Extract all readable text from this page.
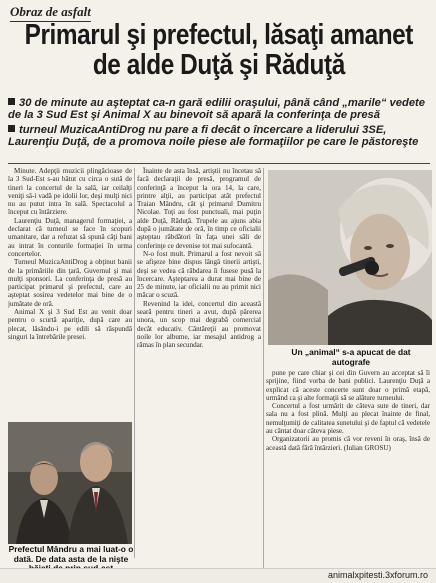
Obraz de asfalt
Primarul şi prefectul, lăsaţi amanet de alde Duţă şi Răduţă
30 de minute au aşteptat ca-n gară edilii oraşului, până când „marile“ vedete de la 3 Sud Est şi Animal X au binevoit să apară la conferinţa de presă
turneul MuzicaAntiDrog nu pare a fi decât o încercare a liderului 3SE, Laurenţiu Duţă, de a promova noile piese ale formaţiilor pe care le păstoreşte

Minute. Adepţii muzicii plingăcioase de la 3 Sud-Est s-au bătut cu circa o sută de tineri la concertul de la sală, iar ceilalţi veniţi să-i vadă pe idolii lor, deşi mulţi nici nu au putut intra în sală. Spectacolul a început cu întârziere.

Laurenţiu Duţă, managerul formaţiei, a declarat că turneul se face în scopuri umanitare, dar a refuzat să spună câţi bani au intrat în conturile formaţiei în urma concertelor.

Turneul MuzicaAntiDrog a obţinut banii de la primăriile din ţară, Guvernul şi mai mulţi sponsori. La conferinţa de presă au participat primarul şi prefectul, care au aşteptat sosirea vedetelor mai bine de o jumătate de oră.

Animal X şi 3 Sud Est au venit doar pentru o scurtă apariţie, după care au plecat, lăsându-i pe edili să răspundă singuri la întrebările presei.

Înainte de asta însă, artiştii nu încetau să facă declaraţii de presă, programul de conferinţă a început la ora 14, la care, printre alţii, au participat atât prefectul Traian Mândru, cât şi primarul Dumitru Nicolae. Toţi au fost punctuali, mai puţin alde Duţă, Răduţă. Trupele au ajuns abia după o jumătate de oră, în timp ce oficialii aşteptau răbdători în faţa unei săli de conferinţe ce devenise tot mai sufocantă.

N-o fost mult. Primarul a fost nevoit să se afişeze bine dispus lângă tinerii artişti, deşi se vedea că răbdarea îi fusese pusă la încercare. Aşteptarea a durat mai bine de 25 de minute, iar oficialii nu au primit nici măcar o scuză.

Revenind la idei, concertul din această seară pentru tineri a avut, după părerea unora, un scop mai degrabă comercial decât educativ. Cântăreţii au promovat noile lor albume, iar mesajul antidrog a rămas în plan secundar.

Un „animal“ s-a apucat de dat autografe

pune pe care chiar şi cei din Guvern au acceptat să îi sprijine, fiind vorba de bani publici. Laurenţiu Duţă a explicat că aceste concerte sunt doar o primă etapă, urmând ca şi alte formaţii să se alăture turneului.

Concertul a fost urmărit de câteva sute de tineri, dar sala nu a fost plină. Mulţi au plecat înainte de final, nemulţumiţi de calitatea sunetului şi de faptul că vedetele au cântat doar câteva piese.

Organizatorii au promis că vor reveni în oraş, însă de această dată fără întârzieri. (Iulian GROSU)

Prefectul Mândru a mai luat-o o dată. De data asta de la nişte
animalxpitesti.3xforum.ro
